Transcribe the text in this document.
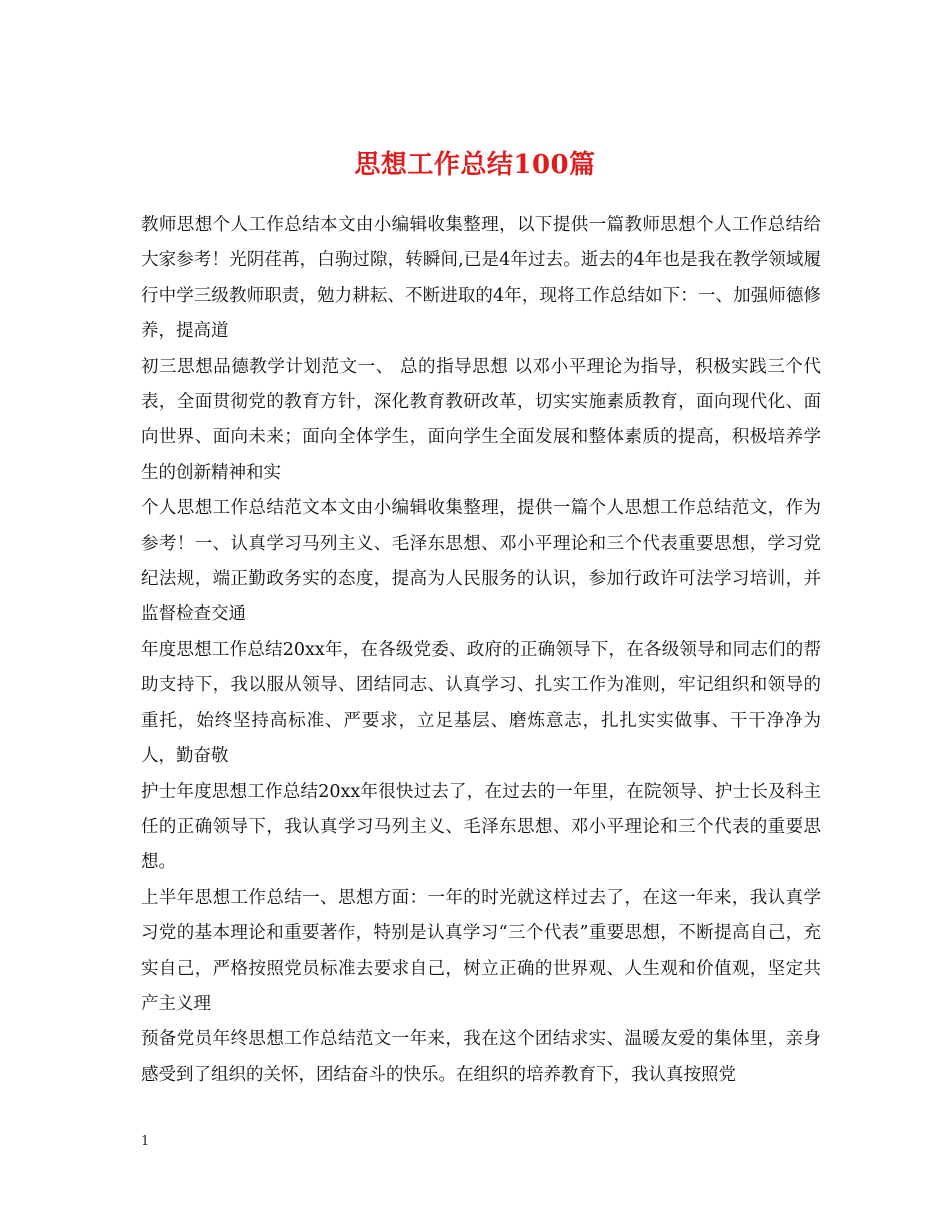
思想工作总结100篇

教师思想个人工作总结本文由小编辑收集整理，以下提供一篇教师思想个人工作总结给大家参考！光阴荏苒，白驹过隙，转瞬间,已是4年过去。逝去的4年也是我在教学领域履行中学三级教师职责，勉力耕耘、不断进取的4年，现将工作总结如下：一、加强师德修养，提高道

初三思想品德教学计划范文一、 总的指导思想 以邓小平理论为指导，积极实践三个代表，全面贯彻党的教育方针，深化教育教研改革，切实实施素质教育，面向现代化、面向世界、面向未来；面向全体学生，面向学生全面发展和整体素质的提高，积极培养学生的创新精神和实

个人思想工作总结范文本文由小编辑收集整理，提供一篇个人思想工作总结范文，作为参考！一、认真学习马列主义、毛泽东思想、邓小平理论和三个代表重要思想，学习党纪法规，端正勤政务实的态度，提高为人民服务的认识，参加行政许可法学习培训，并监督检查交通

年度思想工作总结20xx年，在各级党委、政府的正确领导下，在各级领导和同志们的帮助支持下，我以服从领导、团结同志、认真学习、扎实工作为准则，牢记组织和领导的重托，始终坚持高标准、严要求，立足基层、磨炼意志，扎扎实实做事、干干净净为人，勤奋敬

护士年度思想工作总结20xx年很快过去了，在过去的一年里，在院领导、护士长及科主任的正确领导下，我认真学习马列主义、毛泽东思想、邓小平理论和三个代表的重要思想。

上半年思想工作总结一、思想方面：一年的时光就这样过去了，在这一年来，我认真学习党的基本理论和重要著作，特别是认真学习“三个代表”重要思想，不断提高自己，充实自己，严格按照党员标准去要求自己，树立正确的世界观、人生观和价值观，坚定共产主义理

预备党员年终思想工作总结范文一年来，我在这个团结求实、温暖友爱的集体里，亲身感受到了组织的关怀，团结奋斗的快乐。在组织的培养教育下，我认真按照党

1
